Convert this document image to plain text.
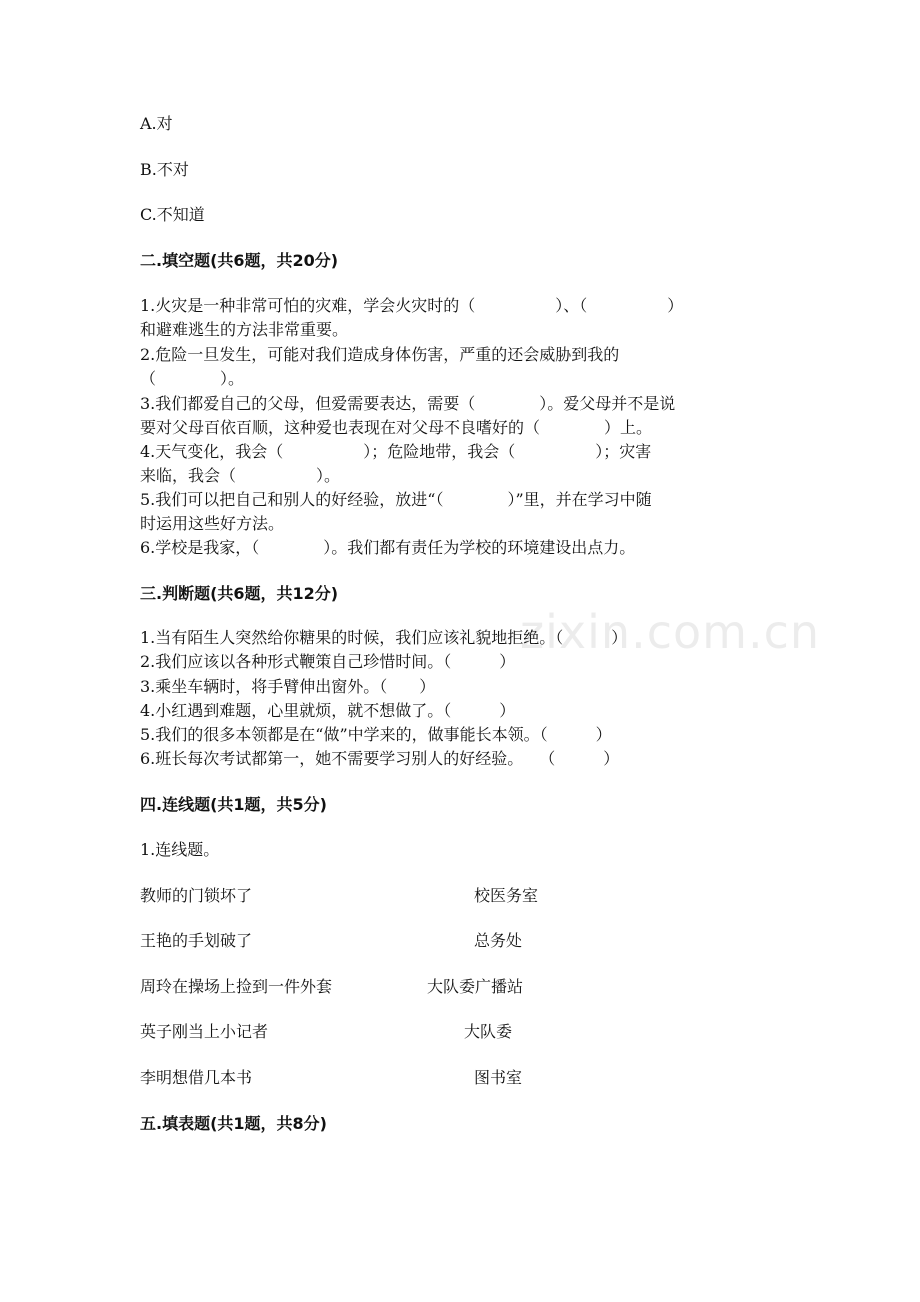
zixin.com.cn
A.对
B.不对
C.不知道
二.填空题(共6题，共20分)
1.火灾是一种非常可怕的灾难，学会火灾时的（　　　　　）、（　　　　　）
和避难逃生的方法非常重要。
2.危险一旦发生，可能对我们造成身体伤害，严重的还会威胁到我的
（　　　　）。
3.我们都爱自己的父母，但爱需要表达，需要（　　　　）。爱父母并不是说
要对父母百依百顺，这种爱也表现在对父母不良嗜好的（　　　　）上。
4.天气变化，我会（　　　　　）；危险地带，我会（　　　　　）；灾害
来临，我会（　　　　　）。
5.我们可以把自己和别人的好经验，放进“（　　　　）”里，并在学习中随
时运用这些好方法。
6.学校是我家，（　　　　）。我们都有责任为学校的环境建设出点力。
三.判断题(共6题，共12分)
1.当有陌生人突然给你糖果的时候，我们应该礼貌地拒绝。（　　　）
2.我们应该以各种形式鞭策自己珍惜时间。（　　　）
3.乘坐车辆时，将手臂伸出窗外。（　　）
4.小红遇到难题，心里就烦，就不想做了。（　　　）
5.我们的很多本领都是在“做”中学来的，做事能长本领。（　　　）
6.班长每次考试都第一，她不需要学习别人的好经验。　　（　　　）
四.连线题(共1题，共5分)
1.连线题。
教师的门锁坏了	校医务室
王艳的手划破了	总务处
周玲在操场上捡到一件外套	大队委广播站
英子刚当上小记者	大队委
李明想借几本书	图书室
五.填表题(共1题，共8分)
